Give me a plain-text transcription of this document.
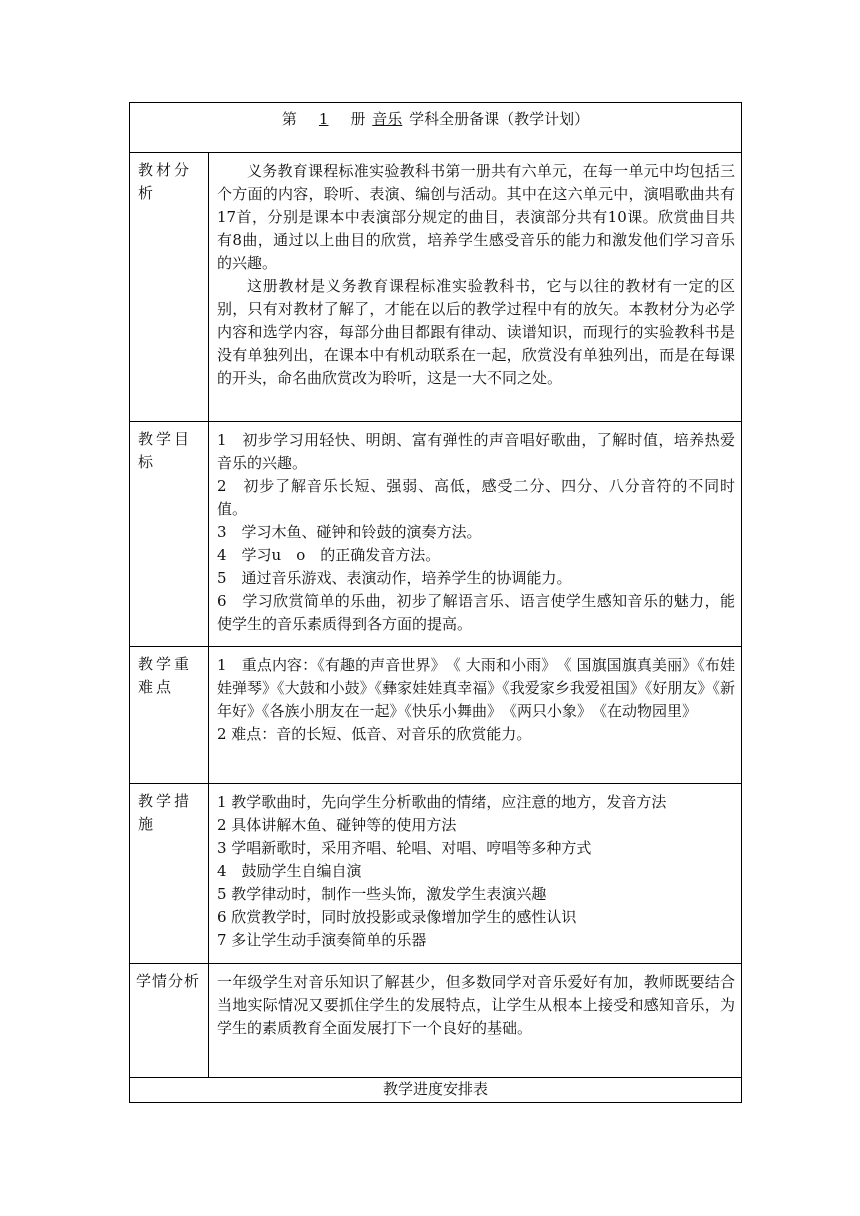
第 1 册 音乐 学科全册备课（教学计划）
教材分析

义务教育课程标准实验教科书第一册共有六单元，在每一单元中均包括三个方面的内容，聆听、表演、编创与活动。其中在这六单元中，演唱歌曲共有17首，分别是课本中表演部分规定的曲目，表演部分共有10课。欣赏曲目共有8曲，通过以上曲目的欣赏，培养学生感受音乐的能力和激发他们学习音乐的兴趣。

这册教材是义务教育课程标准实验教科书，它与以往的教材有一定的区别，只有对教材了解了，才能在以后的教学过程中有的放矢。本教材分为必学内容和选学内容，每部分曲目都跟有律动、读谱知识，而现行的实验教科书是没有单独列出，在课本中有机动联系在一起，欣赏没有单独列出，而是在每课的开头，命名曲欣赏改为聆听，这是一大不同之处。

教学目标

1　初步学习用轻快、明朗、富有弹性的声音唱好歌曲，了解时值，培养热爱音乐的兴趣。

2　初步了解音乐长短、强弱、高低，感受二分、四分、八分音符的不同时值。

3　学习木鱼、碰钟和铃鼓的演奏方法。

4　学习u　o　的正确发音方法。

5　通过音乐游戏、表演动作，培养学生的协调能力。

6　学习欣赏简单的乐曲，初步了解语言乐、语言使学生感知音乐的魅力，能使学生的音乐素质得到各方面的提高。

教学重难点

1　重点内容：《有趣的声音世界》　《 大雨和小雨》　《 国旗国旗真美丽》《布娃娃弹琴》《大鼓和小鼓》《彝家娃娃真幸福》《我爱家乡我爱祖国》《好朋友》《新年好》《各族小朋友在一起》《快乐小舞曲》　《两只小象》　《在动物园里》

2 难点：音的长短、低音、对音乐的欣赏能力。

教学措施

1 教学歌曲时，先向学生分析歌曲的情绪，应注意的地方，发音方法

2 具体讲解木鱼、碰钟等的使用方法

3 学唱新歌时，采用齐唱、轮唱、对唱、哼唱等多种方式

4　鼓励学生自编自演

5 教学律动时，制作一些头饰，激发学生表演兴趣

6 欣赏教学时，同时放投影或录像增加学生的感性认识

7 多让学生动手演奏简单的乐器

学情分析	一年级学生对音乐知识了解甚少，但多数同学对音乐爱好有加，教师既要结合当地实际情况又要抓住学生的发展特点，让学生从根本上接受和感知音乐，为学生的素质教育全面发展打下一个良好的基础。

教学进度安排表
